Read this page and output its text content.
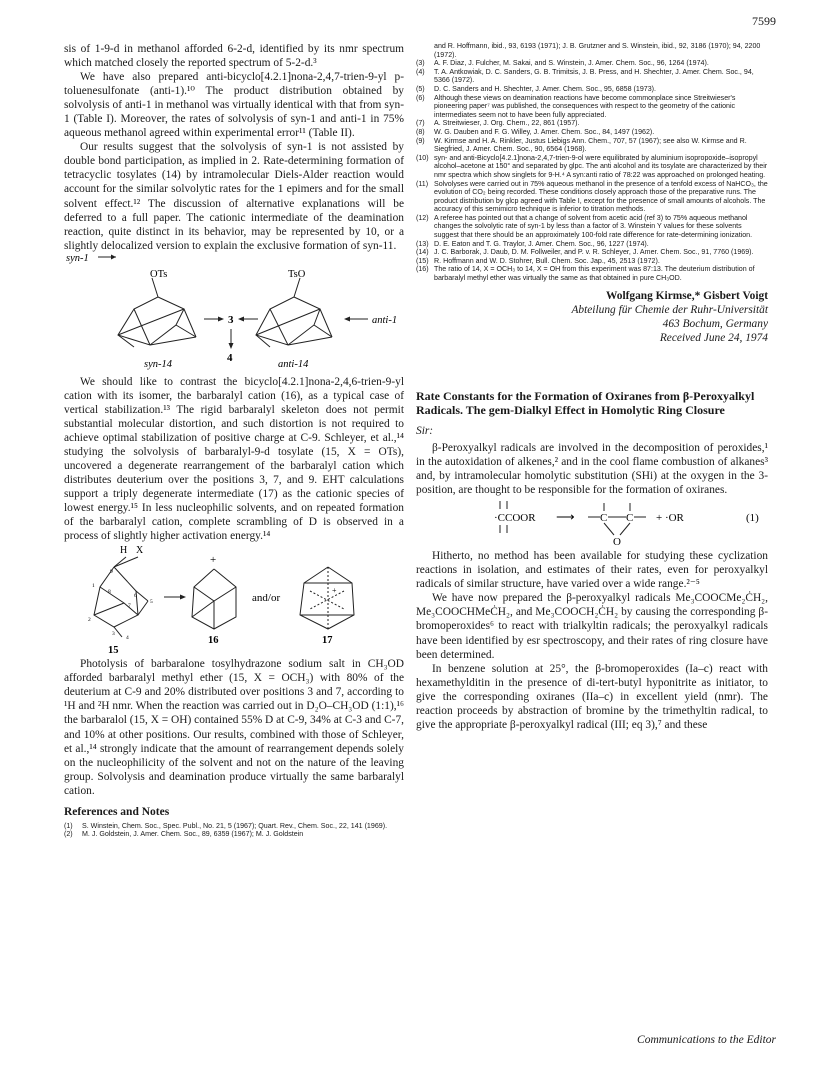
7599

sis of 1-9-d in methanol afforded 6-2-d, identified by its nmr spectrum which matched closely the reported spectrum of 5-2-d.³

We have also prepared anti-bicyclo[4.2.1]nona-2,4,7-trien-9-yl p-toluenesulfonate (anti-1).¹⁰ The product distribution obtained by solvolysis of anti-1 in methanol was virtually identical with that from syn-1 (Table I). Moreover, the rates of solvolysis of syn-1 and anti-1 in 75% aqueous methanol agreed within experimental error¹¹ (Table II).

Our results suggest that the solvolysis of syn-1 is not assisted by double bond participation, as implied in 2. Rate-determining formation of tetracyclic tosylates (14) by intramolecular Diels-Alder reaction would account for the similar solvolytic rates for the 1 epimers and for the small solvent effect.¹² The discussion of alternative explanations will be deferred to a full paper. The cationic intermediate of the deamination reaction, quite distinct in its behavior, may be represented by 10, or a slightly delocalized version to explain the exclusive formation of syn-11.

syn-1
OTs
syn-14
3
4
TsO
anti-14
anti-1

We should like to contrast the bicyclo[4.2.1]nona-2,4,6-trien-9-yl cation with its isomer, the barbaralyl cation (16), as a typical case of vertical stabilization.¹³ The rigid barbaralyl skeleton does not permit substantial molecular distortion, and such distortion is not required to achieve optimal stabilization of positive charge at C-9. Schleyer, et al.,¹⁴ studying the solvolysis of barbaralyl-9-d tosylate (15, X = OTs), uncovered a degenerate rearrangement of the barbaralyl cation which distributes deuterium over the positions 3, 7, and 9. EHT calculations support a triply degenerate intermediate (17) as the cationic species of lowest energy.¹⁵ In less nucleophilic solvents, and on repeated formation of the barbaralyl cation, complete scrambling of D is observed in a process of slightly higher activation energy.¹⁴

H X
9
1
8
6
7
5
2
3
4
15
+
16
and/or
+
17

Photolysis of barbaralone tosylhydrazone sodium salt in CH₃OD afforded barbaralyl methyl ether (15, X = OCH₃) with 80% of the deuterium at C-9 and 20% distributed over positions 3 and 7, according to ¹H and ²H nmr. When the reaction was carried out in D₂O–CH₃OD (1:1),¹⁶ the barbaralol (15, X = OH) contained 55% D at C-9, 34% at C-3 and C-7, and 10% at other positions. Our results, combined with those of Schleyer, et al.,¹⁴ strongly indicate that the amount of rearrangement depends solely on the nucleophilicity of the solvent and not on the nature of the leaving group. Solvolysis and deamination produce virtually the same barbaralyl cation.

References and Notes
(1)	S. Winstein, Chem. Soc., Spec. Publ., No. 21, 5 (1967); Quart. Rev., Chem. Soc., 22, 141 (1969).
(2)	M. J. Goldstein, J. Amer. Chem. Soc., 89, 6359 (1967); M. J. Goldstein
and R. Hoffmann, ibid., 93, 6193 (1971); J. B. Grutzner and S. Winstein, ibid., 92, 3186 (1970); 94, 2200 (1972).
(3)	A. F. Diaz, J. Fulcher, M. Sakai, and S. Winstein, J. Amer. Chem. Soc., 96, 1264 (1974).
(4)	T. A. Antkowiak, D. C. Sanders, G. B. Trimitsis, J. B. Press, and H. Shechter, J. Amer. Chem. Soc., 94, 5366 (1972).
(5)	D. C. Sanders and H. Shechter, J. Amer. Chem. Soc., 95, 6858 (1973).
(6)	Although these views on deamination reactions have become commonplace since Streitwieser's pioneering paper⁷ was published, the consequences with respect to the geometry of the cationic intermediates seem not to have been fully appreciated.
(7)	A. Streitwieser, J. Org. Chem., 22, 861 (1957).
(8)	W. G. Dauben and F. G. Willey, J. Amer. Chem. Soc., 84, 1497 (1962).
(9)	W. Kirmse and H. A. Rinkler, Justus Liebigs Ann. Chem., 707, 57 (1967); see also W. Kirmse and R. Siegfried, J. Amer. Chem. Soc., 90, 6564 (1968).
(10) syn- and anti-Bicyclo[4.2.1]nona-2,4,7-trien-9-ol were equilibrated by aluminium isopropoxide–isopropyl alcohol–acetone at 150° and separated by glpc. The anti alcohol and its tosylate are characterized by their nmr spectra which show singlets for 9-H.⁴ A syn:anti ratio of 78:22 was approached on prolonged heating.
(11) Solvolyses were carried out in 75% aqueous methanol in the presence of a tenfold excess of NaHCO₃, the evolution of CO₂ being recorded. These conditions closely approach those of the preparative runs. The product distribution by glcp agreed with Table I, except for the presence of small amounts of alcohols. The accuracy of this semimicro technique is inferior to titration methods.
(12) A referee has pointed out that a change of solvent from acetic acid (ref 3) to 75% aqueous methanol changes the solvolytic rate of syn-1 by less than a factor of 3. Winstein Y values for these solvents suggest that there should be an approximately 100-fold rate difference for rate-determining ionization.
(13) D. E. Eaton and T. G. Traylor, J. Amer. Chem. Soc., 96, 1227 (1974).
(14) J. C. Barborak, J. Daub, D. M. Follweiler, and P. v. R. Schleyer, J. Amer. Chem. Soc., 91, 7760 (1969).
(15) R. Hoffmann and W. D. Stohrer, Bull. Chem. Soc. Jap., 45, 2513 (1972).
(16) The ratio of 14, X = OCH₃ to 14, X = OH from this experiment was 87:13. The deuterium distribution of barbaralyl methyl ether was virtually the same as that obtained in pure CH₃OD.
Wolfgang Kirmse,* Gisbert Voigt
Abteilung für Chemie der Ruhr-Universität
463 Bochum, Germany
Received June 24, 1974
Rate Constants for the Formation of Oxiranes from β-Peroxyalkyl Radicals. The gem-Dialkyl Effect in Homolytic Ring Closure
Sir:

β-Peroxyalkyl radicals are involved in the decomposition of peroxides,¹ in the autoxidation of alkenes,² and in the cool flame combustion of alkanes³ and, by intramolecular homolytic substitution (SHi) at the oxygen in the 3-position, are thought to be responsible for the formation of oxiranes.

·CCOOR ⟶ C C
O
+ ·OR	(1)

Hitherto, no method has been available for studying these cyclization reactions in isolation, and estimates of their rates, even for peroxyalkyl radicals of similar structure, have varied over a wide range.²⁻⁵

We have now prepared the β-peroxyalkyl radicals Me₃COOCMe₂ĊH₂, Me₃COOCHMeĊH₂, and Me₃COOCH₂ĊH₂ by causing the corresponding β-bromoperoxides⁶ to react with trialkyltin radicals; the peroxyalkyl radicals have been identified by esr spectroscopy, and their rates of ring closure have been determined.

In benzene solution at 25°, the β-bromoperoxides (Ia–c) react with hexamethylditin in the presence of di-tert-butyl hyponitrite as initiator, to give the corresponding oxiranes (IIa–c) in excellent yield (nmr). The reaction proceeds by abstraction of bromine by the trimethyltin radical, to give the appropriate β-peroxyalkyl radical (III; eq 3),⁷ and these

Communications to the Editor
